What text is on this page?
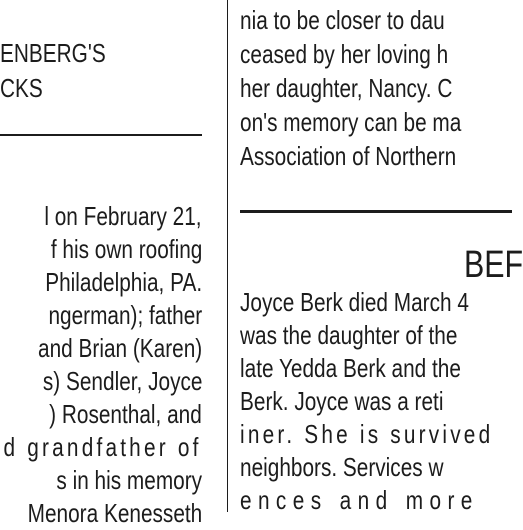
ENBERG'S
CKS
l on February 21,
f his own roofing
Philadelphia, PA.
ngerman); father
and Brian (Karen)
s) Sendler, Joyce
) Rosenthal, and
d grandfather of
s in his memory
Menora Kenesseth
nia to be closer to dau
ceased by her loving h
her daughter, Nancy. C
on's memory can be ma
Association of Northern
BEF
Joyce Berk died March 4
was the daughter of the
late Yedda Berk and the
Berk. Joyce was a reti
iner. She is survived
neighbors. Services w
ences and more
